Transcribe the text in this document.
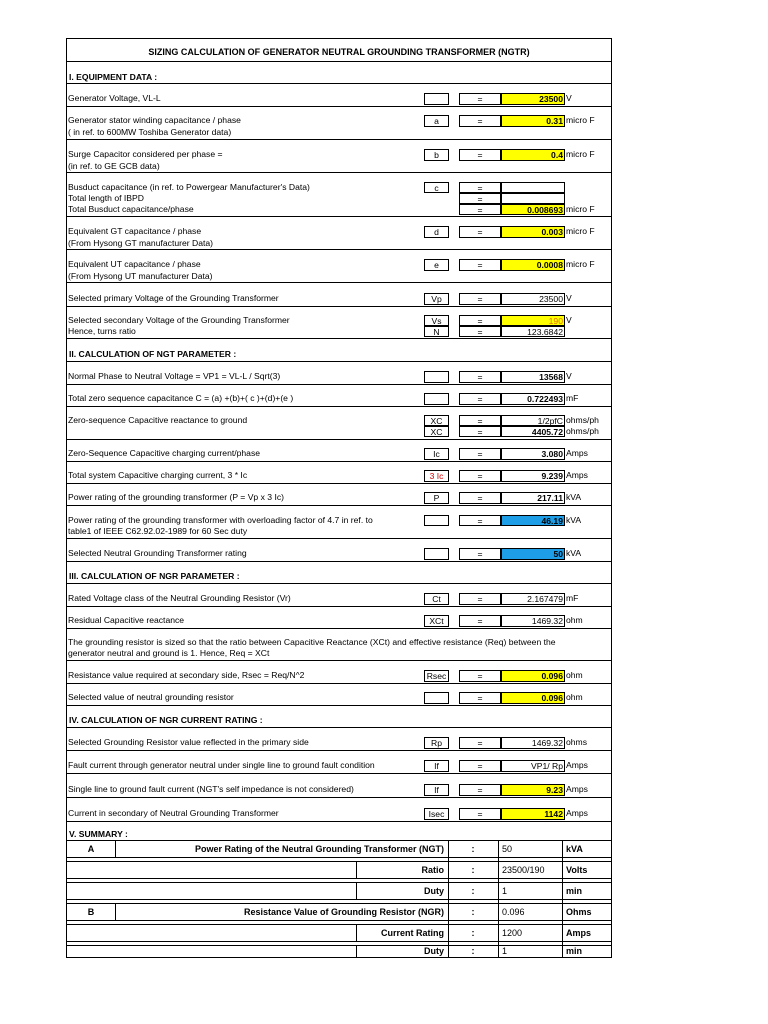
SIZING CALCULATION OF GENERATOR NEUTRAL GROUNDING TRANSFORMER (NGTR)
I. EQUIPMENT DATA :
Generator Voltage, VL-L	=	23500 V
Generator stator winding capacitance / phase	a	=	0.31 micro F
( in ref. to 600MW Toshiba Generator data)
Surge Capacitor considered per phase =	b	=	0.4 micro F
(in ref. to GE GCB data)
Busduct capacitance (in ref. to Powergear Manufacturer's Data)	c	=
Total length of IBPD	=
Total Busduct capacitance/phase	=	0.008693 micro F
Equivalent GT capacitance / phase	d	=	0.003 micro F
(From Hysong GT manufacturer Data)
Equivalent UT capacitance / phase	e	=	0.0008 micro F
(From Hysong UT manufacturer Data)
Selected primary Voltage of the Grounding Transformer	Vp	=	23500 V
Selected secondary Voltage of the Grounding Transformer	Vs	=	190 V
Hence, turns ratio	N	=	123.6842
II. CALCULATION OF NGT PARAMETER :
Normal Phase to Neutral Voltage = VP1 = VL-L / Sqrt(3)	=	13568 V
Total zero sequence capacitance C = (a) +(b)+( c )+(d)+(e )	=	0.722493 mF
Zero-sequence Capacitive reactance to ground	XC	=	1/2pfC ohms/ph
XC	=	4405.72 ohms/ph
Zero-Sequence Capacitive charging current/phase	Ic	=	3.080 Amps
Total system Capacitive charging current, 3 * Ic	3 Ic	=	9.239 Amps
Power rating of the grounding transformer (P = Vp x 3 Ic)	P	=	217.11 kVA
Power rating of the grounding transformer with overloading factor of 4.7 in ref. to	=	46.19 kVA
table1 of IEEE C62.92.02-1989 for 60 Sec duty
Selected Neutral Grounding Transformer rating	=	50 kVA
III. CALCULATION OF NGR PARAMETER :
Rated Voltage class of the Neutral Grounding Resistor (Vr)	Ct	=	2.167479 mF
Residual Capacitive reactance	XCt	=	1469.32 ohm
The grounding resistor is sized so that the ratio between Capacitive Reactance (XCt) and effective resistance (Req) between the
generator neutral and ground is 1. Hence, Req = XCt
Resistance value required at secondary side, Rsec = Req/N^2	Rsec	=	0.096 ohm
Selected value of neutral grounding resistor	=	0.096 ohm
IV. CALCULATION OF NGR CURRENT RATING :
Selected Grounding Resistor value reflected in the primary side	Rp	=	1469.32 ohms
Fault current through generator neutral under single line to ground fault condition	If	=	VP1/ Rp Amps
Single line to ground fault current (NGT's self impedance is not considered)	If	=	9.23 Amps
Current in secondary of Neutral Grounding Transformer	Isec	=	1142 Amps
V. SUMMARY :
A	Power Rating of the Neutral Grounding Transformer (NGT)	:	50	kVA
Ratio	:	23500/190	Volts
Duty	:	1	min
B	Resistance Value of Grounding Resistor (NGR)	:	0.096	Ohms
Current Rating	:	1200	Amps
Duty	:	1	min
